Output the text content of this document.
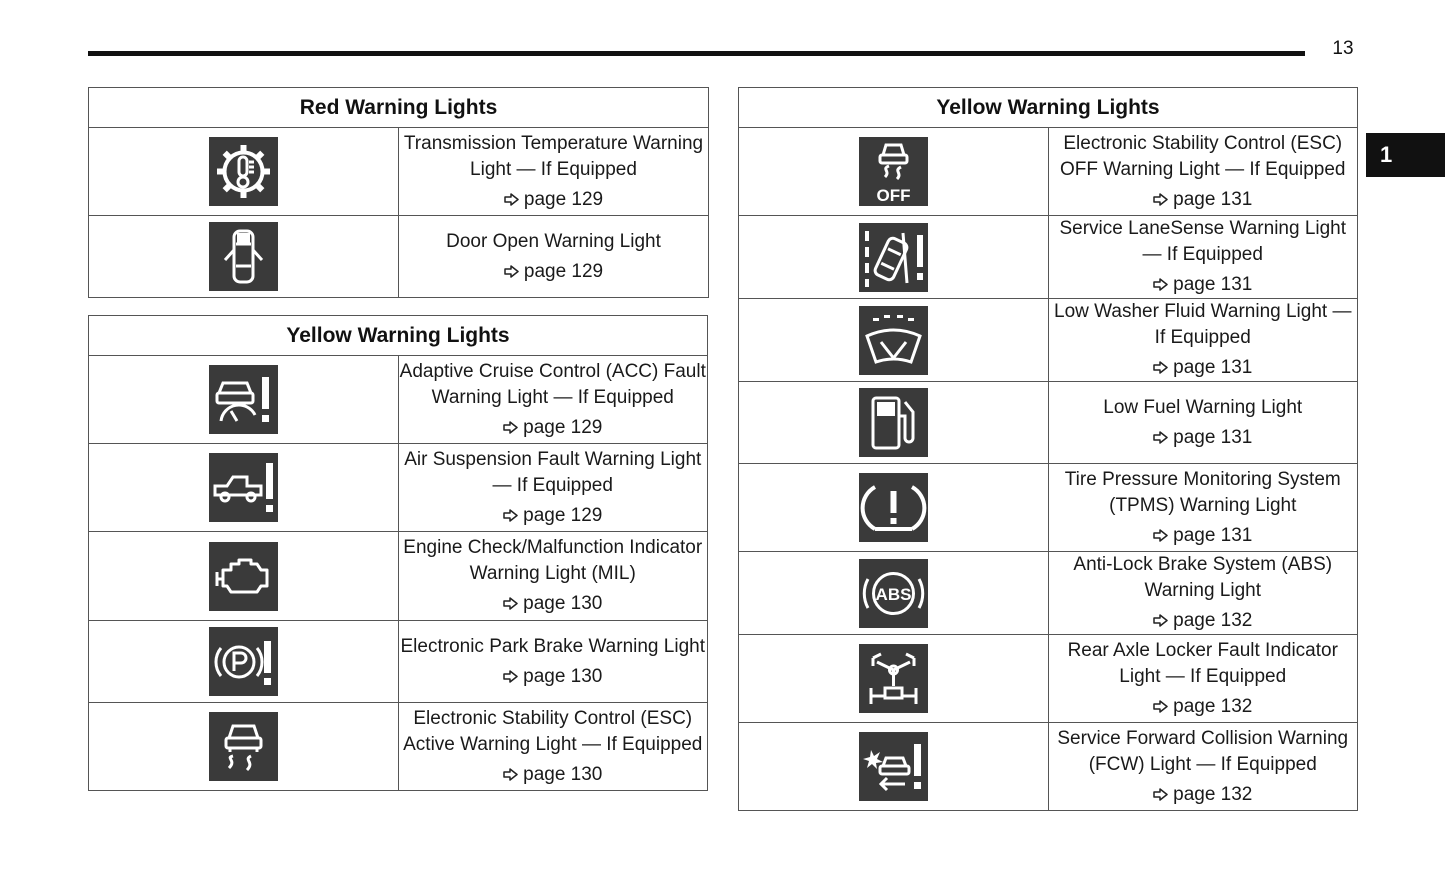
13
1
Red Warning Lights	

	Transmission Temperature Warning Light — If Equipped
page 129

	Door Open Warning Light
page 129
Yellow Warning Lights	

	Adaptive Cruise Control (ACC) Fault Warning Light — If Equipped
page 129

	Air Suspension Fault Warning Light — If Equipped
page 129

	Engine Check/Malfunction Indicator Warning Light (MIL)
page 130

	Electronic Park Brake Warning Light
page 130

	Electronic Stability Control (ESC) Active Warning Light — If Equipped
page 130
Yellow Warning Lights	

OFF	Electronic Stability Control (ESC) OFF Warning Light — If Equipped
page 131

	Service LaneSense Warning Light — If Equipped
page 131

	Low Washer Fluid Warning Light — If Equipped
page 131

	Low Fuel Warning Light
page 131

	Tire Pressure Monitoring System (TPMS) Warning Light
page 131

ABS	Anti-Lock Brake System (ABS) Warning Light
page 132

	Rear Axle Locker Fault Indicator Light — If Equipped
page 132

	Service Forward Collision Warning (FCW) Light — If Equipped
page 132
